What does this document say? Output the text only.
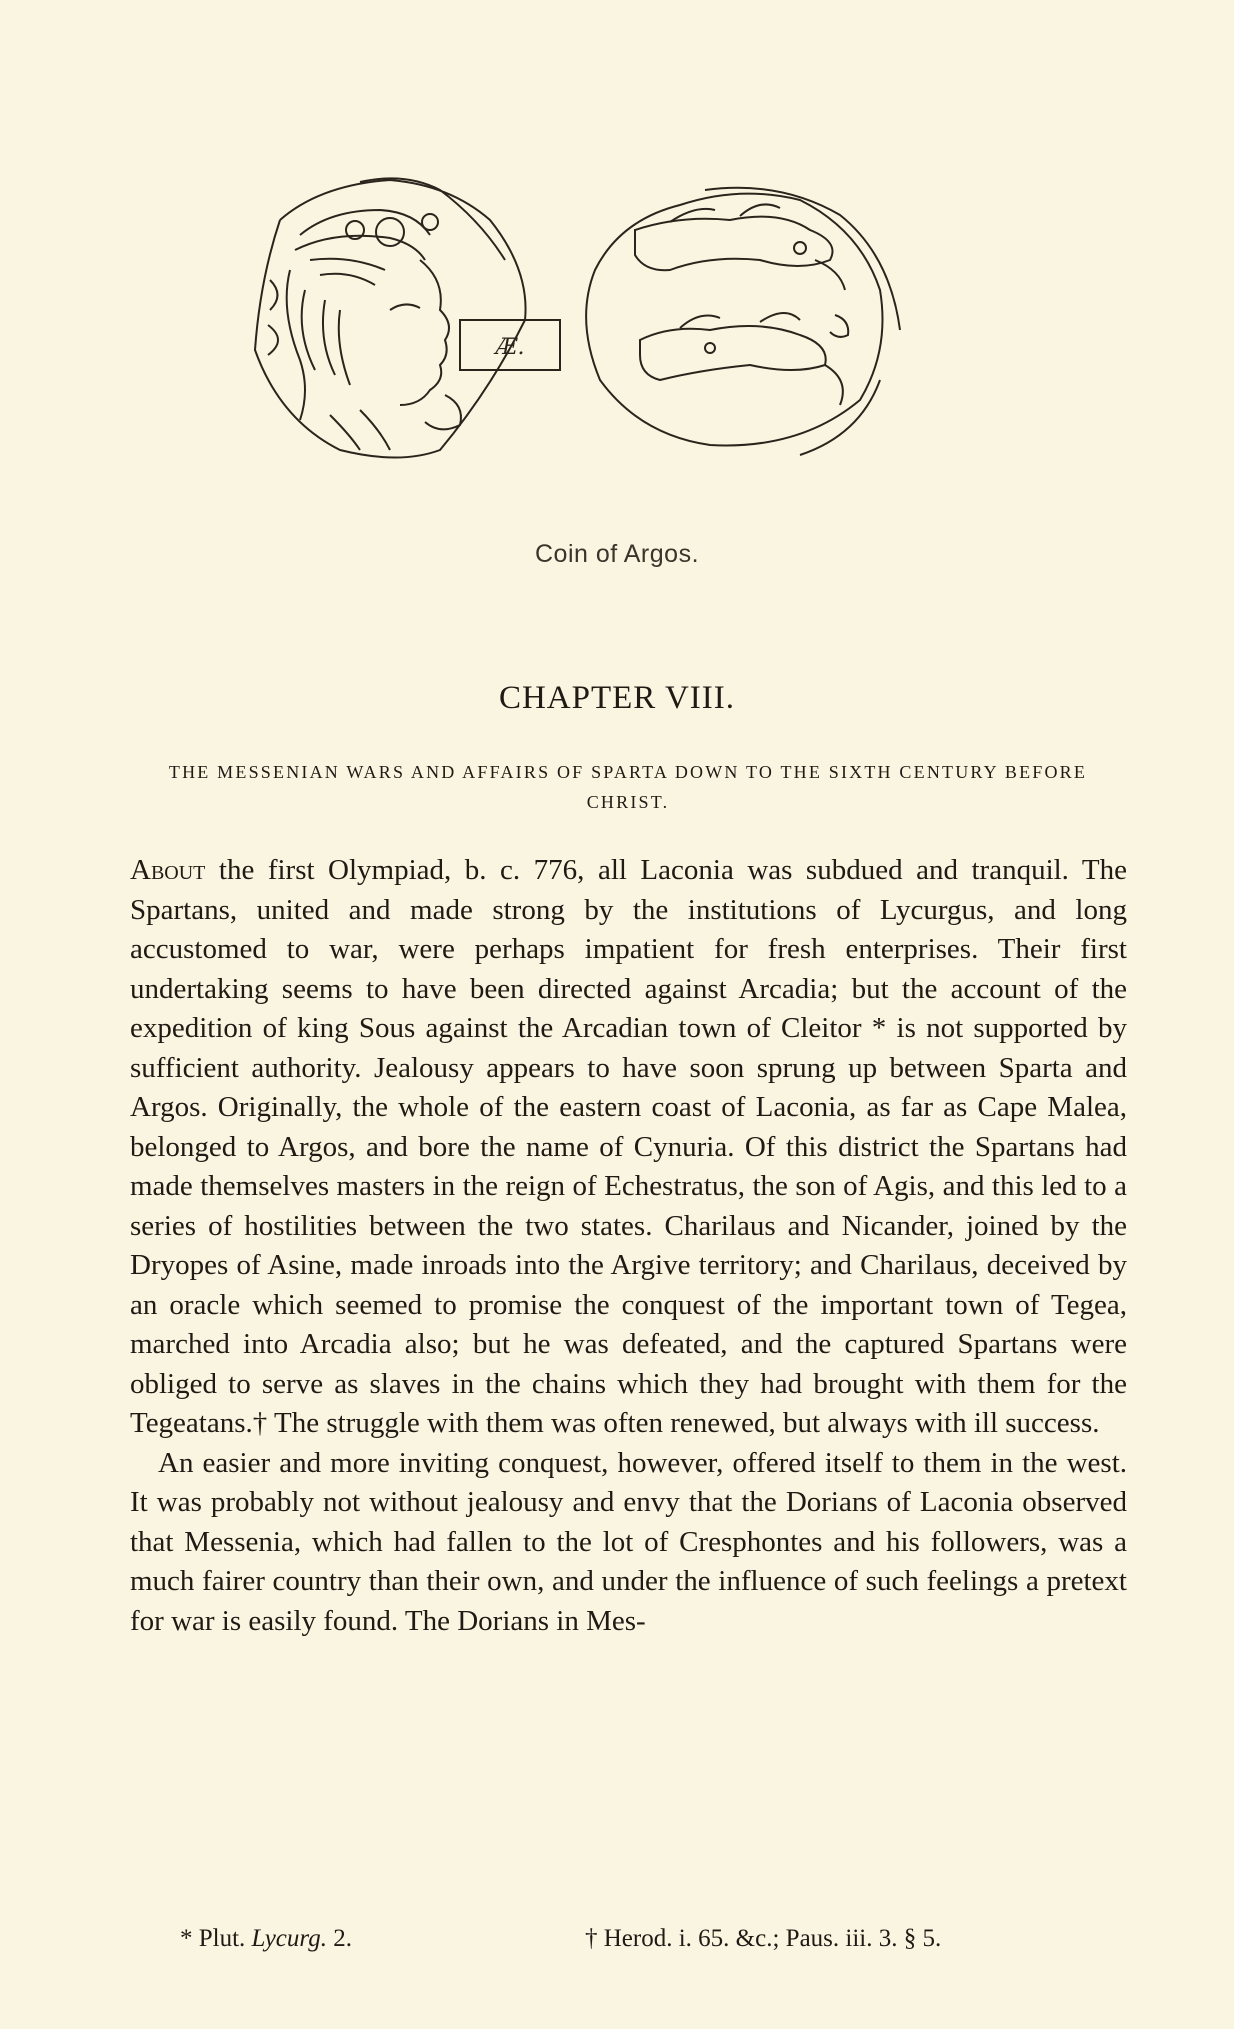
Æ.
Coin of Argos.
CHAPTER VIII.
THE MESSENIAN WARS AND AFFAIRS OF SPARTA DOWN TO THE SIXTH CENTURY BEFORE CHRIST.

About the first Olympiad, b. c. 776, all Laconia was subdued and tranquil. The Spartans, united and made strong by the institutions of Lycurgus, and long accustomed to war, were perhaps impatient for fresh enterprises. Their first undertaking seems to have been directed against Arcadia; but the account of the expedition of king Sous against the Arcadian town of Cleitor * is not supported by sufficient authority. Jealousy appears to have soon sprung up between Sparta and Argos. Originally, the whole of the eastern coast of Laconia, as far as Cape Malea, belonged to Argos, and bore the name of Cynuria. Of this district the Spartans had made themselves masters in the reign of Echestratus, the son of Agis, and this led to a series of hostilities between the two states. Charilaus and Nicander, joined by the Dryopes of Asine, made inroads into the Argive territory; and Charilaus, deceived by an oracle which seemed to promise the conquest of the important town of Tegea, marched into Arcadia also; but he was defeated, and the captured Spartans were obliged to serve as slaves in the chains which they had brought with them for the Tegeatans.† The struggle with them was often renewed, but always with ill success.

An easier and more inviting conquest, however, offered itself to them in the west. It was probably not without jealousy and envy that the Dorians of Laconia observed that Messenia, which had fallen to the lot of Cresphontes and his followers, was a much fairer country than their own, and under the influence of such feelings a pretext for war is easily found. The Dorians in Mes-

* Plut. Lycurg. 2.	† Herod. i. 65. &c.; Paus. iii. 3. § 5.
